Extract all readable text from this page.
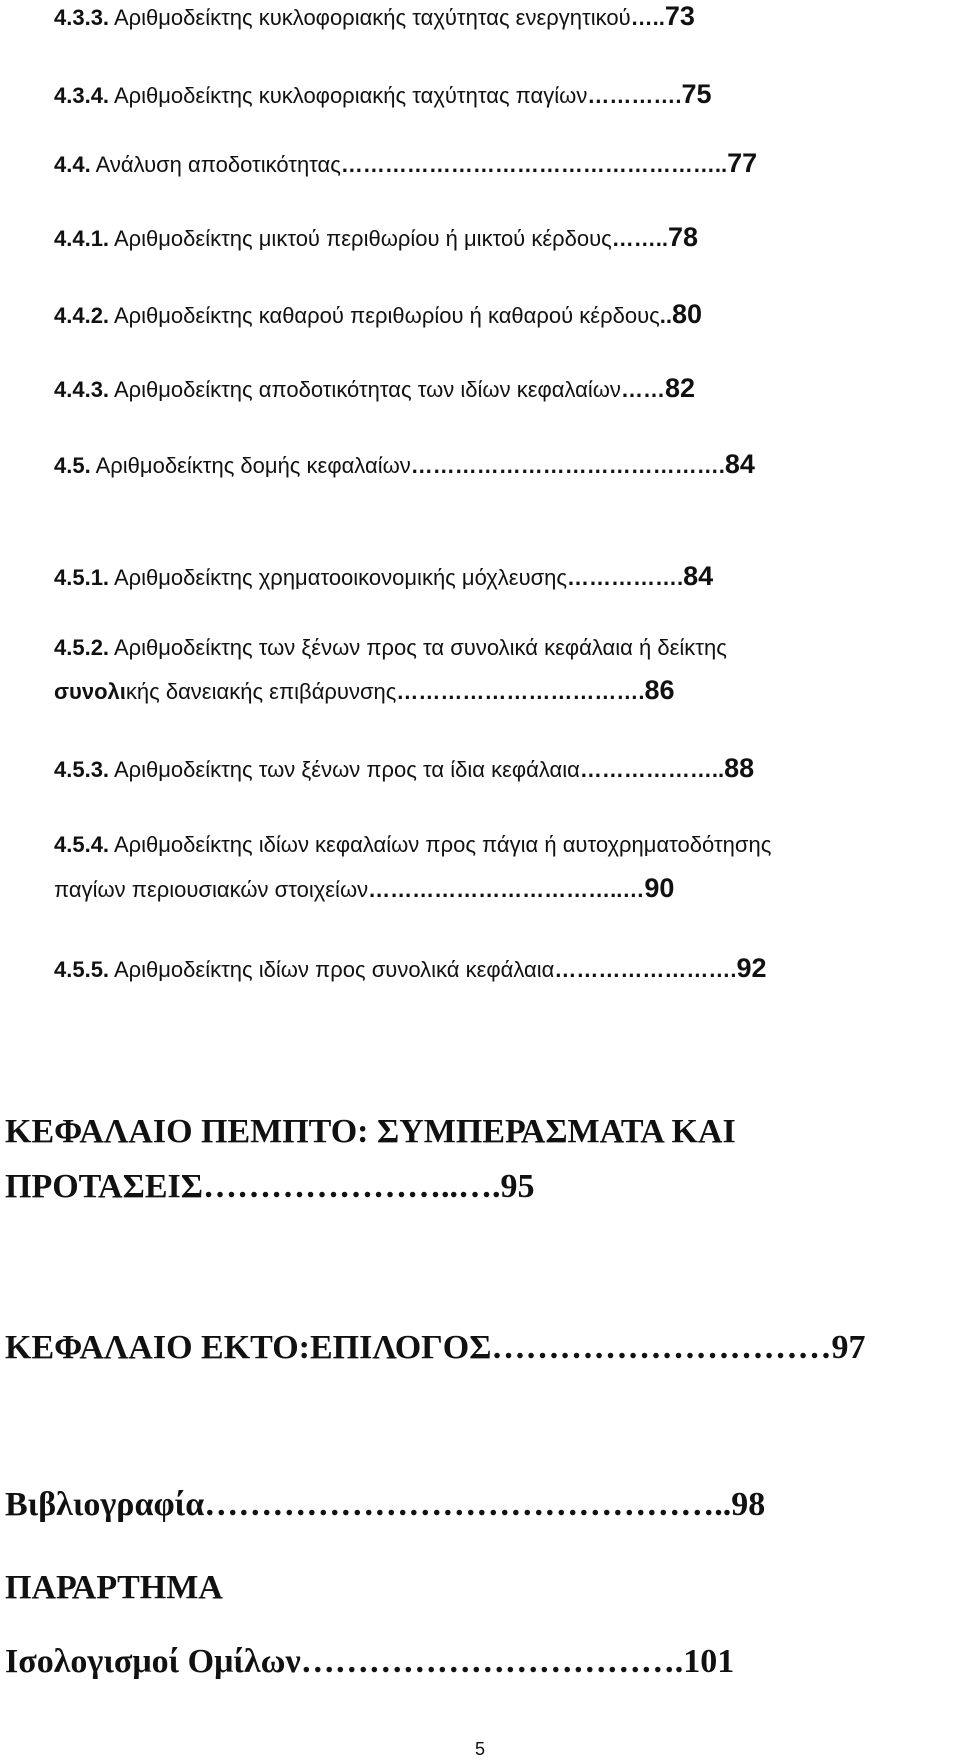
4.3.3. Αριθμοδείκτης κυκλοφοριακής ταχύτητας ενεργητικού…..73
4.3.4. Αριθμοδείκτης κυκλοφοριακής ταχύτητας παγίων………….75
4.4. Ανάλυση αποδοτικότητας……………………………………………..77
4.4.1. Αριθμοδείκτης μικτού περιθωρίου ή μικτού κέρδους……..78
4.4.2. Αριθμοδείκτης καθαρού περιθωρίου ή καθαρού κέρδους..80
4.4.3. Αριθμοδείκτης αποδοτικότητας των ιδίων κεφαλαίων……82
4.5. Αριθμοδείκτης δομής κεφαλαίων…………………………………….84
4.5.1. Αριθμοδείκτης χρηματοοικονομικής μόχλευσης…………….84
4.5.2. Αριθμοδείκτης των ξένων προς τα συνολικά κεφάλαια ή δείκτης
συνολικής δανειακής επιβάρυνσης…………………………….86
4.5.3. Αριθμοδείκτης των ξένων προς τα ίδια κεφάλαια………………..88
4.5.4. Αριθμοδείκτης ιδίων κεφαλαίων προς πάγια ή αυτοχρηματοδότησης
παγίων περιουσιακών στοιχείων……………………………..…90
4.5.5. Αριθμοδείκτης ιδίων προς συνολικά κεφάλαια…………………….92
ΚΕΦΑΛΑΙΟ ΠΕΜΠΤΟ: ΣΥΜΠΕΡΑΣΜΑΤΑ ΚΑΙ
ΠΡΟΤΑΣΕΙΣ…………………..….95
ΚΕΦΑΛΑΙΟ ΕΚΤΟ:ΕΠΙΛΟΓΟΣ…………………………97
Βιβλιογραφία………………………………………..98
ΠΑΡΑΡΤΗΜΑ
Ισολογισμοί Ομίλων…………………………….101
5
